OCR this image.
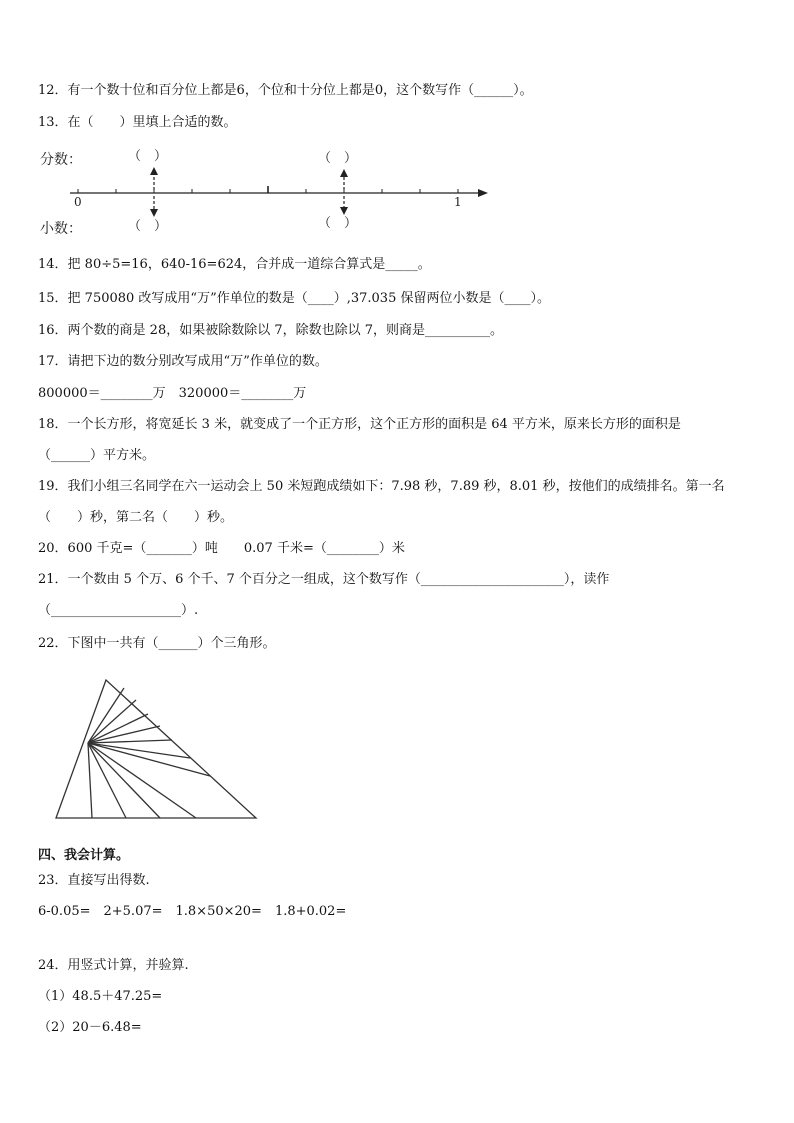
12．有一个数十位和百分位上都是6，个位和十分位上都是0，这个数写作（______）。
13．在（　　）里填上合适的数。
分数：
小数：
0	1
（　）
（　）
（　）
（　）
14．把 80÷5=16，640-16=624，合并成一道综合算式是_____。
15．把 750080 改写成用“万”作单位的数是（____）,37.035 保留两位小数是（____）。
16．两个数的商是 28，如果被除数除以 7，除数也除以 7，则商是__________。
17．请把下边的数分别改写成用“万”作单位的数。
800000＝________万　320000＝________万
18．一个长方形，将宽延长 3 米，就变成了一个正方形，这个正方形的面积是 64 平方米，原来长方形的面积是
（______）平方米。
19．我们小组三名同学在六一运动会上 50 米短跑成绩如下：7.98 秒，7.89 秒，8.01 秒，按他们的成绩排名。第一名
（　　）秒，第二名（　　）秒。
20．600 千克=（_______）吨　　0.07 千米=（________）米
21．一个数由 5 个万、6 个千、7 个百分之一组成，这个数写作（______________________），读作
（____________________）.
22．下图中一共有（______）个三角形。
四、我会计算。
23．直接写出得数.
6-0.05=　2+5.07=　1.8×50×20=　1.8+0.02=
24．用竖式计算，并验算.
（1）48.5＋47.25=
（2）20－6.48=
